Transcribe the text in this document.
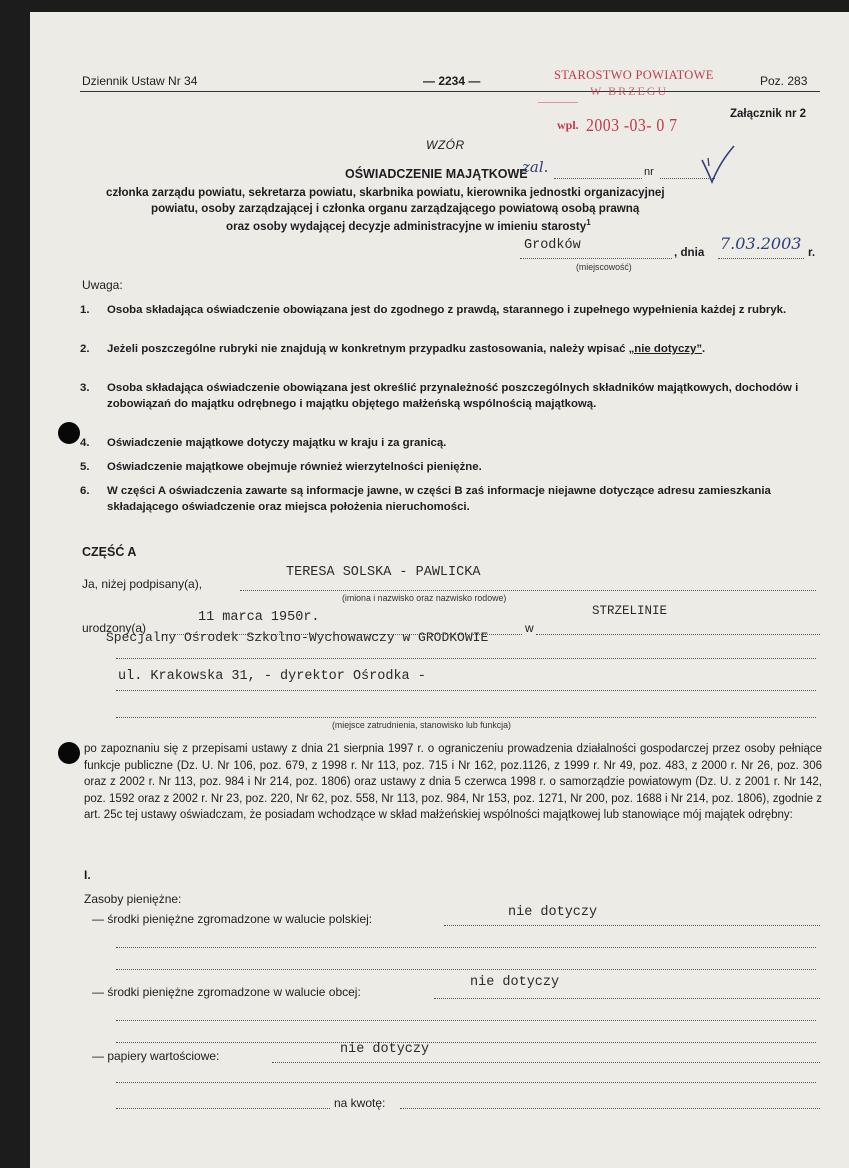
Dziennik Ustaw Nr 34	— 2234 —	Poz. 283
STAROSTWO POWIATOWE
W BRZEGU
wpl. 2003 -03- 0 7
Załącznik nr 2
WZÓR
OŚWIADCZENIE MAJĄTKOWE
zal.	nr
członka zarządu powiatu, sekretarza powiatu, skarbnika powiatu, kierownika jednostki organizacyjnej
powiatu, osoby zarządzającej i członka organu zarządzającego powiatową osobą prawną
oraz osoby wydającej decyzje administracyjne w imieniu starosty$^1$
Grodków	, dnia 7.03.2003 r.
(miejscowość)
Uwaga:
1. Osoba składająca oświadczenie obowiązana jest do zgodnego z prawdą, starannego i zupełnego wypełnienia każdej z rubryk.
2. Jeżeli poszczególne rubryki nie znajdują w konkretnym przypadku zastosowania, należy wpisać „nie dotyczy”.
3. Osoba składająca oświadczenie obowiązana jest określić przynależność poszczególnych składników majątkowych, dochodów i zobowiązań do majątku odrębnego i majątku objętego małżeńską wspólnością majątkową.
4. Oświadczenie majątkowe dotyczy majątku w kraju i za granicą.
5. Oświadczenie majątkowe obejmuje również wierzytelności pieniężne.
6. W części A oświadczenia zawarte są informacje jawne, w części B zaś informacje niejawne dotyczące adresu zamieszkania składającego oświadczenie oraz miejsca położenia nieruchomości.
CZĘŚĆ A
Ja, niżej podpisany(a),
TERESA SOLSKA - PAWLICKA
(imiona i nazwisko oraz nazwisko rodowe)
urodzony(a)
11 marca 1950r.
w
STRZELINIE
Specjalny Ośrodek Szkolno-Wychowawczy w GRODKOWIE
ul. Krakowska 31, - dyrektor Ośrodka -
(miejsce zatrudnienia, stanowisko lub funkcja)
po zapoznaniu się z przepisami ustawy z dnia 21 sierpnia 1997 r. o ograniczeniu prowadzenia działalności gospodarczej przez osoby pełniące funkcje publiczne (Dz. U. Nr 106, poz. 679, z 1998 r. Nr 113, poz. 715 i Nr 162, poz.1126, z 1999 r. Nr 49, poz. 483, z 2000 r. Nr 26, poz. 306 oraz z 2002 r. Nr 113, poz. 984 i Nr 214, poz. 1806) oraz ustawy z dnia 5 czerwca 1998 r. o samorządzie powiatowym (Dz. U. z 2001 r. Nr 142, poz. 1592 oraz z 2002 r. Nr 23, poz. 220, Nr 62, poz. 558, Nr 113, poz. 984, Nr 153, poz. 1271, Nr 200, poz. 1688 i Nr 214, poz. 1806), zgodnie z art. 25c tej ustawy oświadczam, że posiadam wchodzące w skład małżeńskiej wspólności majątkowej lub stanowiące mój majątek odrębny:
I.
Zasoby pieniężne:
— środki pieniężne zgromadzone w walucie polskiej:	nie dotyczy
— środki pieniężne zgromadzone w walucie obcej:
nie dotyczy
— papiery wartościowe:	nie dotyczy
na kwotę:
